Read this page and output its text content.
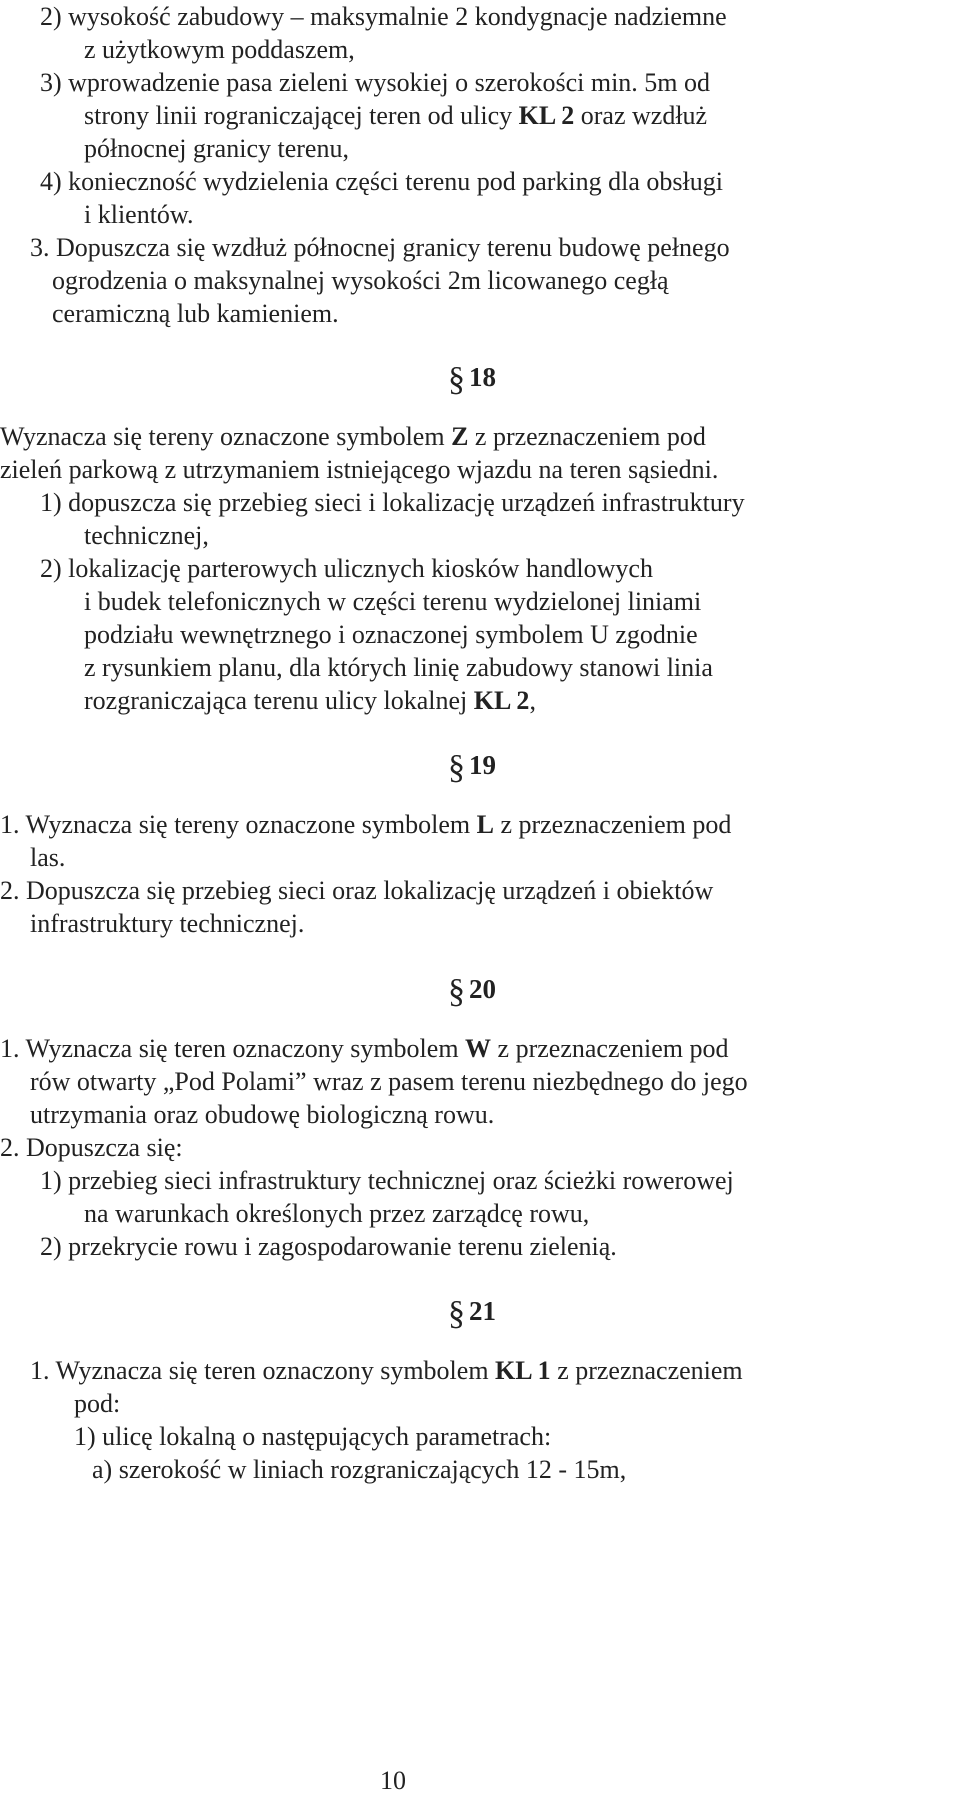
2) wysokość zabudowy – maksymalnie 2 kondygnacje nadziemne
z użytkowym poddaszem,
3) wprowadzenie pasa zieleni wysokiej o szerokości min. 5m od
strony linii rograniczającej teren od ulicy KL 2 oraz wzdłuż
północnej granicy terenu,
4) konieczność wydzielenia części terenu pod parking dla obsługi
i klientów.
3. Dopuszcza się wzdłuż północnej granicy terenu budowę pełnego
ogrodzenia o maksynalnej wysokości 2m licowanego cegłą
ceramiczną lub kamieniem.
§ 18
Wyznacza się tereny oznaczone symbolem Z z przeznaczeniem pod
zieleń parkową z utrzymaniem istniejącego wjazdu na teren sąsiedni.
1) dopuszcza się przebieg sieci i lokalizację urządzeń infrastruktury
technicznej,
2) lokalizację parterowych ulicznych kiosków handlowych
i budek telefonicznych w części terenu wydzielonej liniami
podziału wewnętrznego i oznaczonej symbolem U zgodnie
z rysunkiem planu, dla których linię zabudowy stanowi linia
rozgraniczająca terenu ulicy lokalnej KL 2,
§ 19
1. Wyznacza się tereny oznaczone symbolem L z przeznaczeniem pod
las.
2. Dopuszcza się przebieg sieci oraz lokalizację urządzeń i obiektów
infrastruktury technicznej.
§ 20
1. Wyznacza się teren oznaczony symbolem W z przeznaczeniem pod
rów otwarty „Pod Polami” wraz z pasem terenu niezbędnego do jego
utrzymania oraz obudowę biologiczną rowu.
2. Dopuszcza się:
1) przebieg sieci infrastruktury technicznej oraz ścieżki rowerowej
na warunkach określonych przez zarządcę rowu,
2) przekrycie rowu i zagospodarowanie terenu zielenią.
§ 21
1. Wyznacza się teren oznaczony symbolem KL 1 z przeznaczeniem
pod:
1) ulicę lokalną o następujących parametrach:
a) szerokość w liniach rozgraniczających 12 - 15m,
10
